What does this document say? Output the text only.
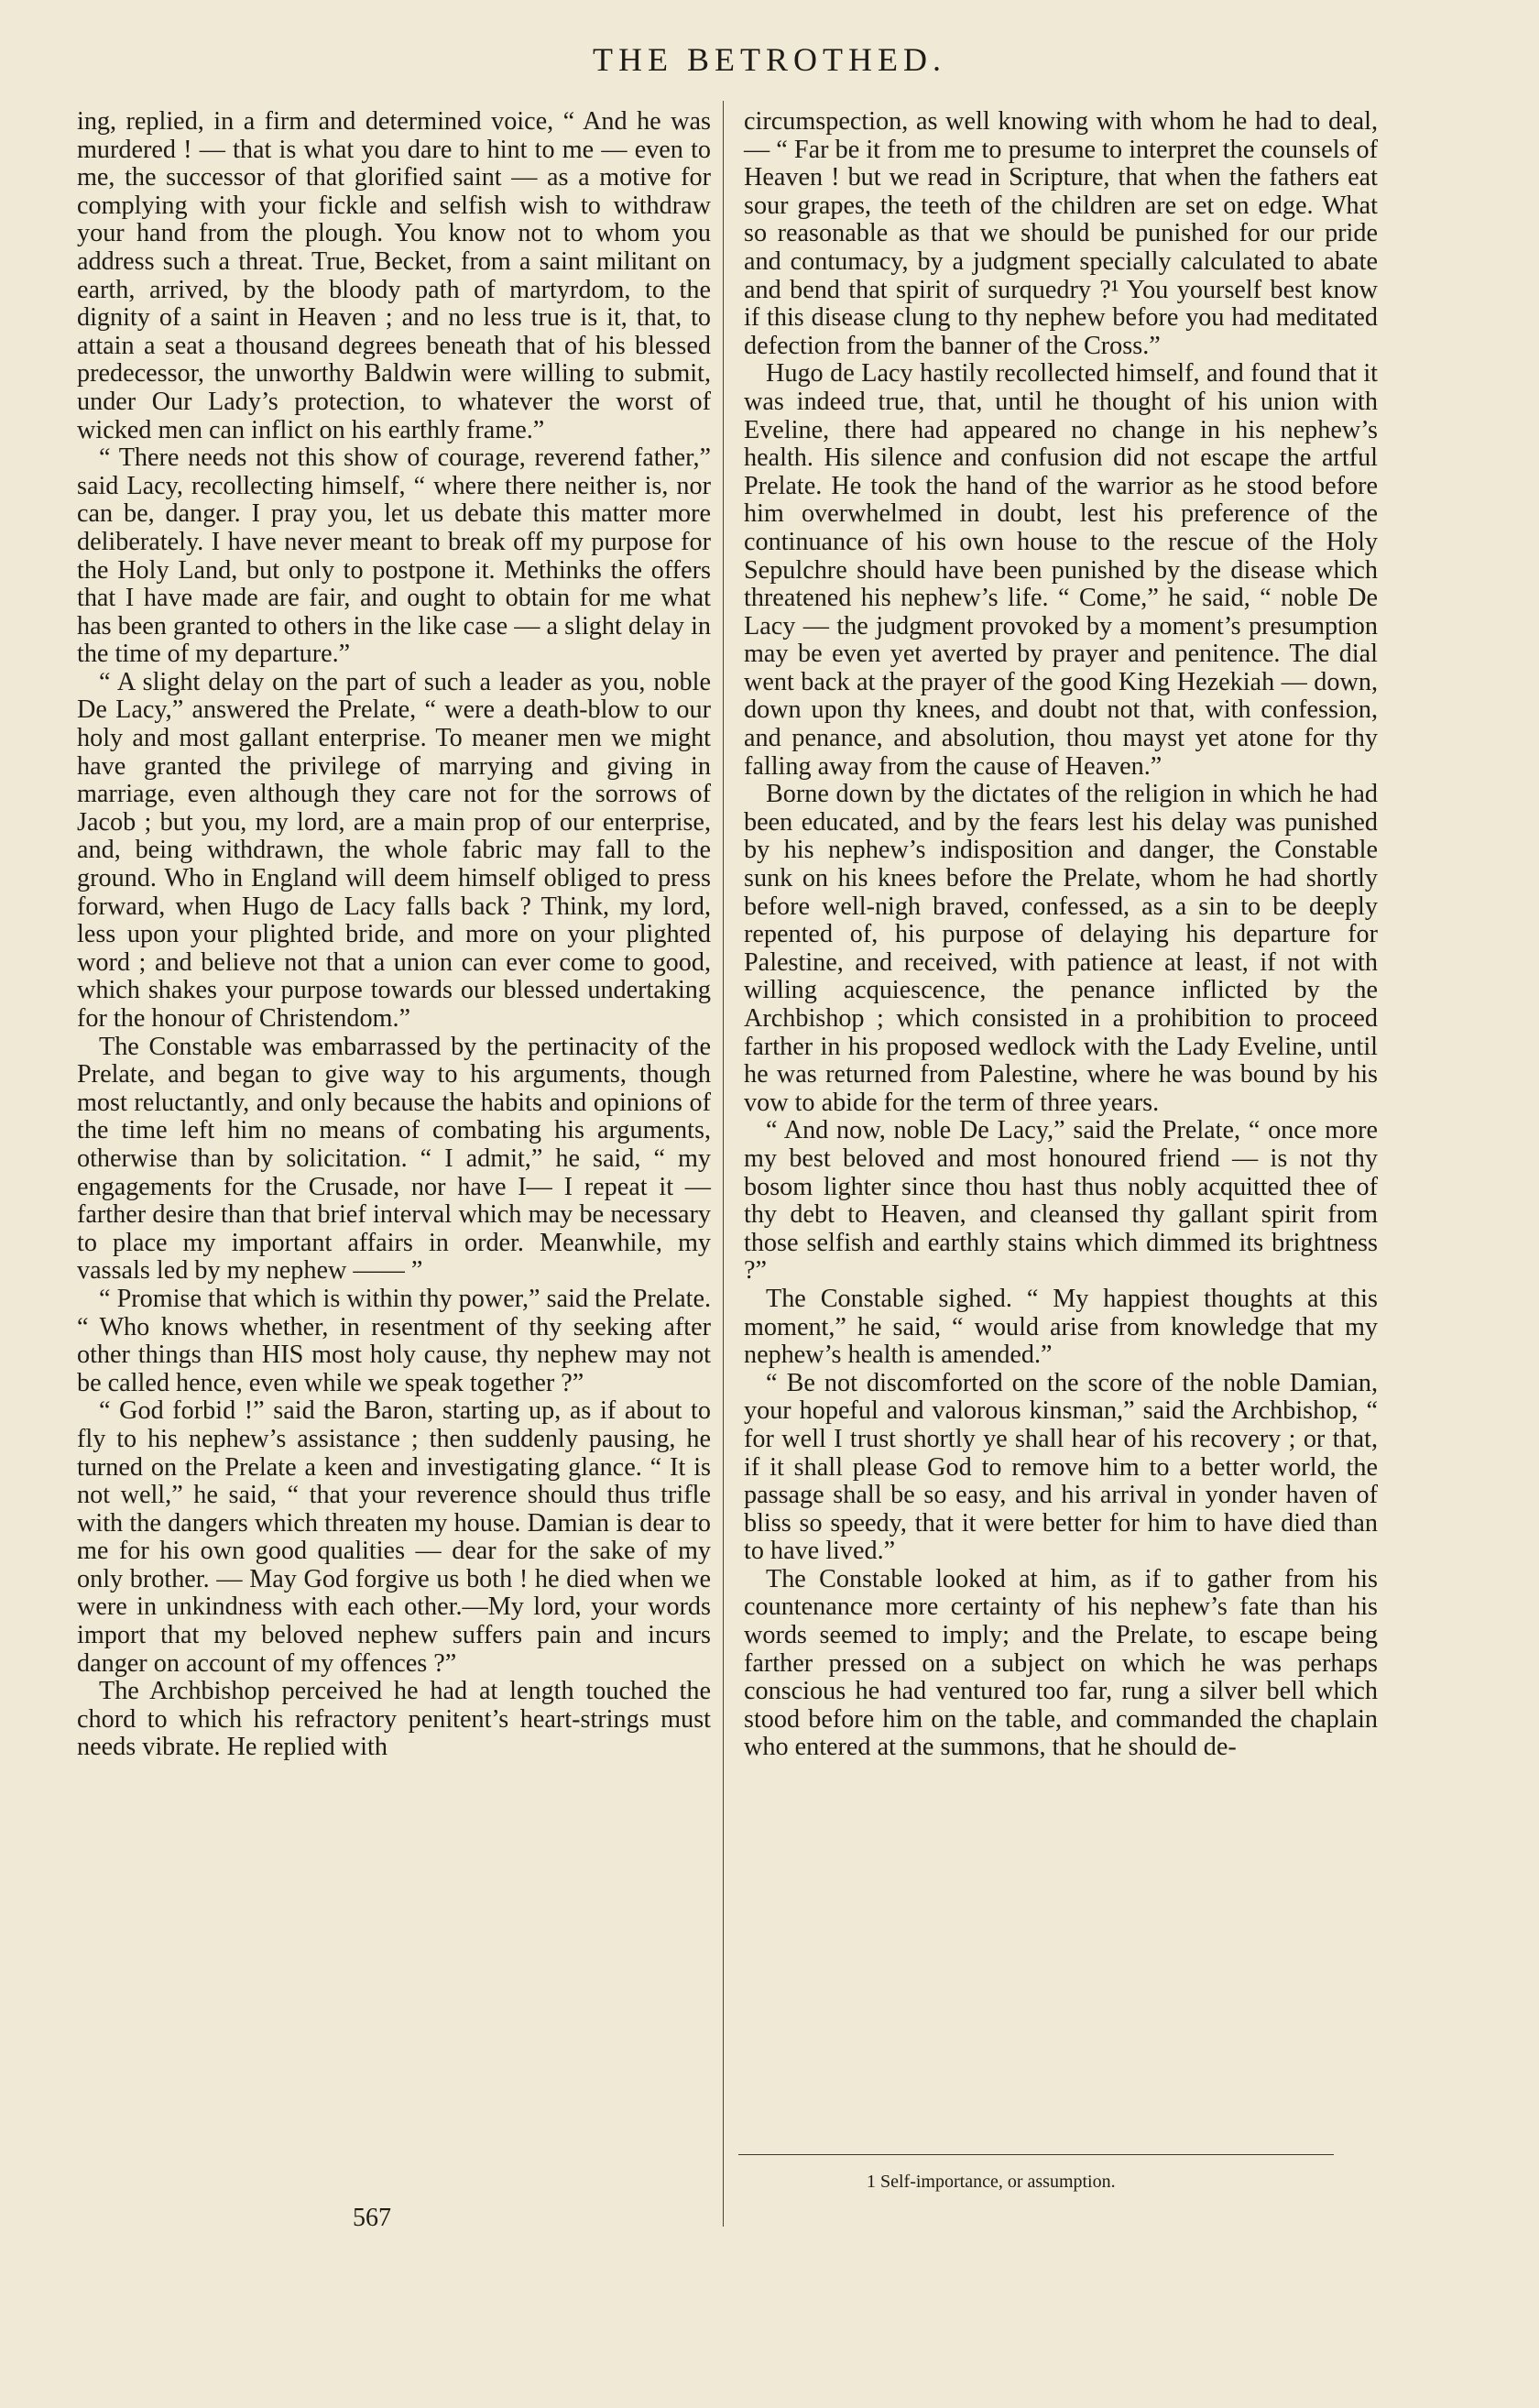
THE BETROTHED.

ing, replied, in a firm and determined voice, “ And he was murdered ! — that is what you dare to hint to me — even to me, the successor of that glorified saint — as a motive for complying with your fickle and selfish wish to withdraw your hand from the plough. You know not to whom you address such a threat. True, Becket, from a saint militant on earth, arrived, by the bloody path of martyrdom, to the dignity of a saint in Heaven ; and no less true is it, that, to attain a seat a thousand degrees beneath that of his blessed predecessor, the unworthy Baldwin were willing to submit, under Our Lady’s protection, to whatever the worst of wicked men can inflict on his earthly frame.”

“ There needs not this show of courage, reverend father,” said Lacy, recollecting himself, “ where there neither is, nor can be, danger. I pray you, let us debate this matter more deliberately. I have never meant to break off my purpose for the Holy Land, but only to postpone it. Methinks the offers that I have made are fair, and ought to obtain for me what has been granted to others in the like case — a slight delay in the time of my departure.”

“ A slight delay on the part of such a leader as you, noble De Lacy,” answered the Prelate, “ were a death-blow to our holy and most gallant enterprise. To meaner men we might have granted the privilege of marrying and giving in marriage, even although they care not for the sorrows of Jacob ; but you, my lord, are a main prop of our enterprise, and, being withdrawn, the whole fabric may fall to the ground. Who in England will deem himself obliged to press forward, when Hugo de Lacy falls back ? Think, my lord, less upon your plighted bride, and more on your plighted word ; and believe not that a union can ever come to good, which shakes your purpose towards our blessed undertaking for the honour of Christendom.”

The Constable was embarrassed by the pertinacity of the Prelate, and began to give way to his arguments, though most reluctantly, and only because the habits and opinions of the time left him no means of combating his arguments, otherwise than by solicitation. “ I admit,” he said, “ my engagements for the Crusade, nor have I— I repeat it — farther desire than that brief interval which may be necessary to place my important affairs in order. Meanwhile, my vassals led by my nephew —— ”

“ Promise that which is within thy power,” said the Prelate. “ Who knows whether, in resentment of thy seeking after other things than HIS most holy cause, thy nephew may not be called hence, even while we speak together ?”

“ God forbid !” said the Baron, starting up, as if about to fly to his nephew’s assistance ; then suddenly pausing, he turned on the Prelate a keen and investigating glance. “ It is not well,” he said, “ that your reverence should thus trifle with the dangers which threaten my house. Damian is dear to me for his own good qualities — dear for the sake of my only brother. — May God forgive us both ! he died when we were in unkindness with each other.—My lord, your words import that my beloved nephew suffers pain and incurs danger on account of my offences ?”

The Archbishop perceived he had at length touched the chord to which his refractory penitent’s heart-strings must needs vibrate. He replied with

circumspection, as well knowing with whom he had to deal, — “ Far be it from me to presume to interpret the counsels of Heaven ! but we read in Scripture, that when the fathers eat sour grapes, the teeth of the children are set on edge. What so reasonable as that we should be punished for our pride and contumacy, by a judgment specially calculated to abate and bend that spirit of surquedry ?¹ You yourself best know if this disease clung to thy nephew before you had meditated defection from the banner of the Cross.”

Hugo de Lacy hastily recollected himself, and found that it was indeed true, that, until he thought of his union with Eveline, there had appeared no change in his nephew’s health. His silence and confusion did not escape the artful Prelate. He took the hand of the warrior as he stood before him overwhelmed in doubt, lest his preference of the continuance of his own house to the rescue of the Holy Sepulchre should have been punished by the disease which threatened his nephew’s life. “ Come,” he said, “ noble De Lacy — the judgment provoked by a moment’s presumption may be even yet averted by prayer and penitence. The dial went back at the prayer of the good King Hezekiah — down, down upon thy knees, and doubt not that, with confession, and penance, and absolution, thou mayst yet atone for thy falling away from the cause of Heaven.”

Borne down by the dictates of the religion in which he had been educated, and by the fears lest his delay was punished by his nephew’s indisposition and danger, the Constable sunk on his knees before the Prelate, whom he had shortly before well-nigh braved, confessed, as a sin to be deeply repented of, his purpose of delaying his departure for Palestine, and received, with patience at least, if not with willing acquiescence, the penance inflicted by the Archbishop ; which consisted in a prohibition to proceed farther in his proposed wedlock with the Lady Eveline, until he was returned from Palestine, where he was bound by his vow to abide for the term of three years.

“ And now, noble De Lacy,” said the Prelate, “ once more my best beloved and most honoured friend — is not thy bosom lighter since thou hast thus nobly acquitted thee of thy debt to Heaven, and cleansed thy gallant spirit from those selfish and earthly stains which dimmed its brightness ?”

The Constable sighed. “ My happiest thoughts at this moment,” he said, “ would arise from knowledge that my nephew’s health is amended.”

“ Be not discomforted on the score of the noble Damian, your hopeful and valorous kinsman,” said the Archbishop, “ for well I trust shortly ye shall hear of his recovery ; or that, if it shall please God to remove him to a better world, the passage shall be so easy, and his arrival in yonder haven of bliss so speedy, that it were better for him to have died than to have lived.”

The Constable looked at him, as if to gather from his countenance more certainty of his nephew’s fate than his words seemed to imply; and the Prelate, to escape being farther pressed on a subject on which he was perhaps conscious he had ventured too far, rung a silver bell which stood before him on the table, and commanded the chaplain who entered at the summons, that he should de-

1 Self-importance, or assumption.
567
